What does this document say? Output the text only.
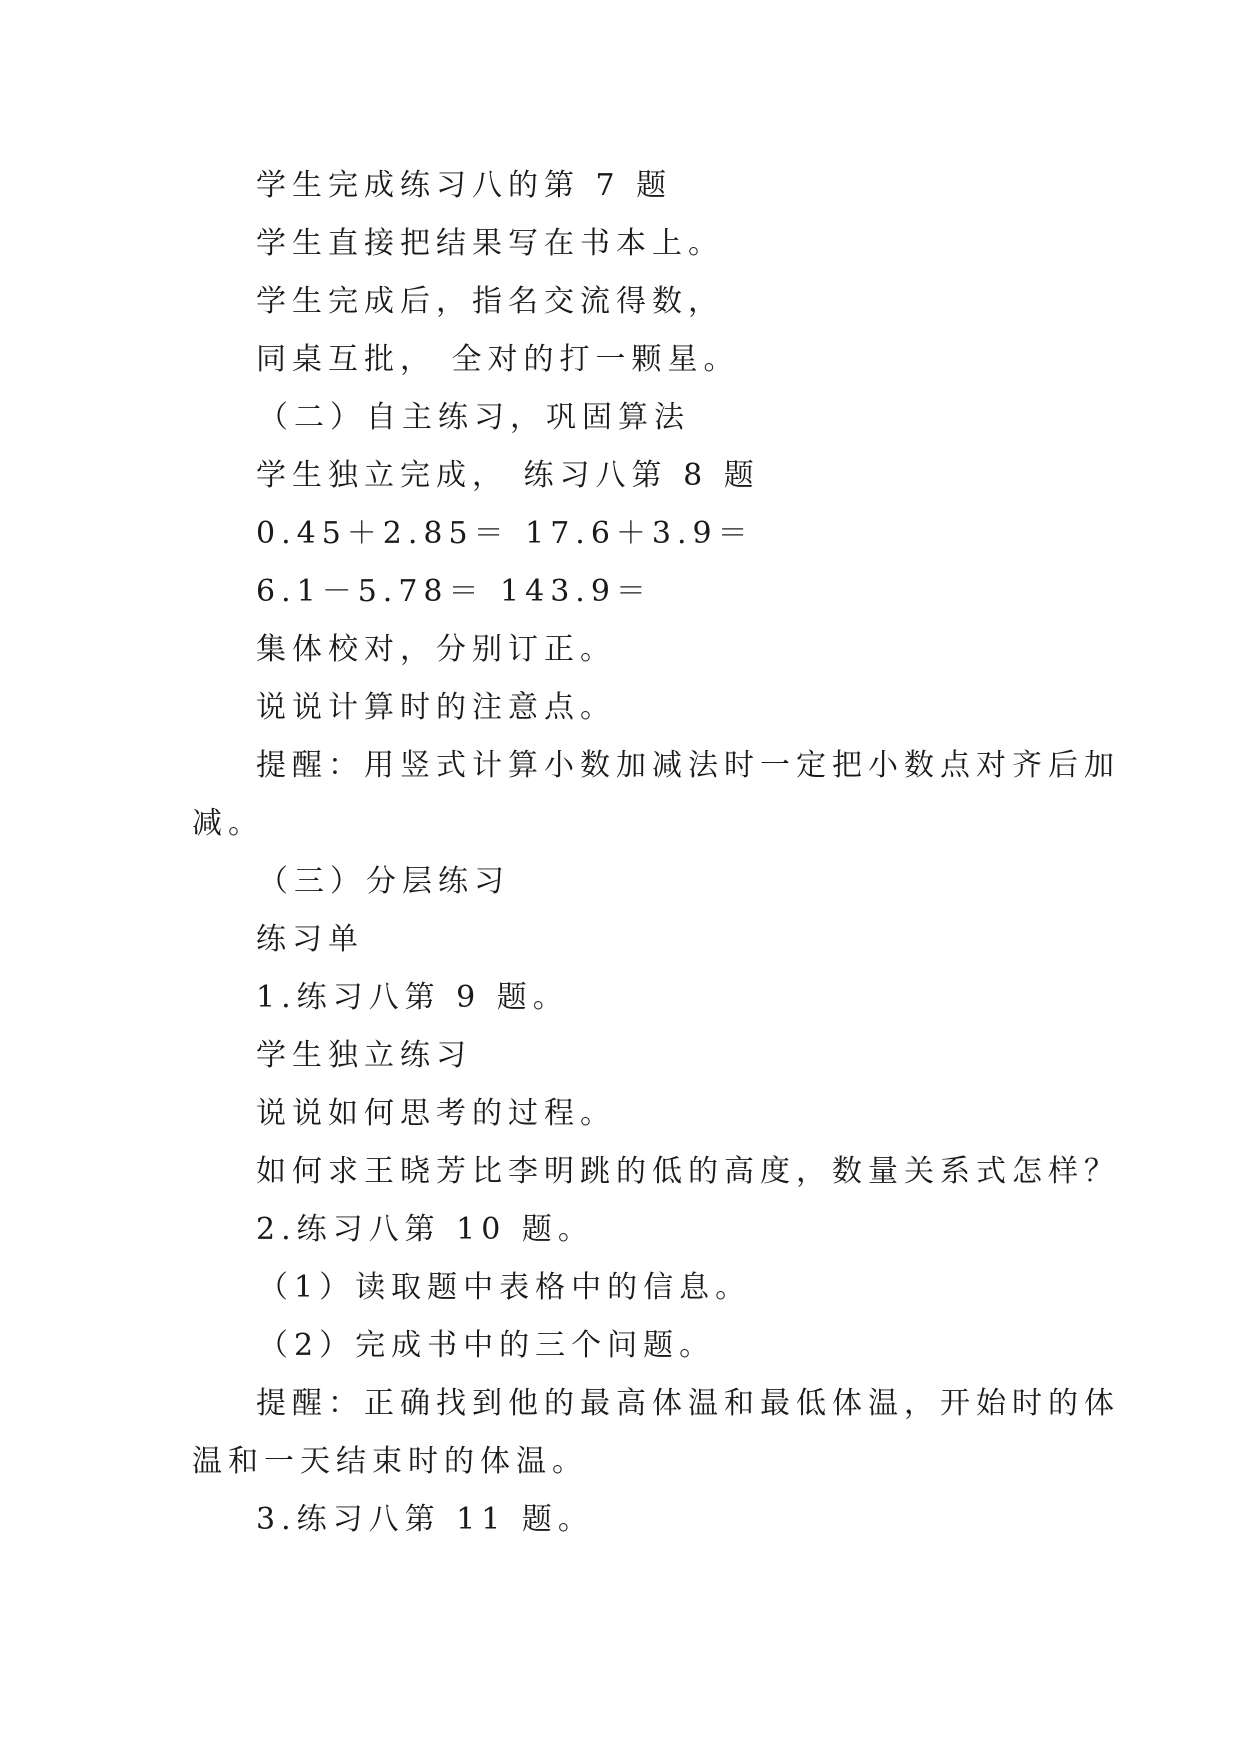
学生完成练习八的第 7 题
学生直接把结果写在书本上。
学生完成后，指名交流得数，
同桌互批， 全对的打一颗星。
（二）自主练习，巩固算法
学生独立完成， 练习八第 8 题
0.45＋2.85＝ 17.6＋3.9＝
6.1－5.78＝ 143.9＝
集体校对，分别订正。
说说计算时的注意点。
提醒：用竖式计算小数加减法时一定把小数点对齐后加
减。
（三）分层练习
练习单
1.练习八第 9 题。
学生独立练习
说说如何思考的过程。
如何求王晓芳比李明跳的低的高度，数量关系式怎样？
2.练习八第 10 题。
（1）读取题中表格中的信息。
（2）完成书中的三个问题。
提醒：正确找到他的最高体温和最低体温，开始时的体
温和一天结束时的体温。
3.练习八第 11 题。
